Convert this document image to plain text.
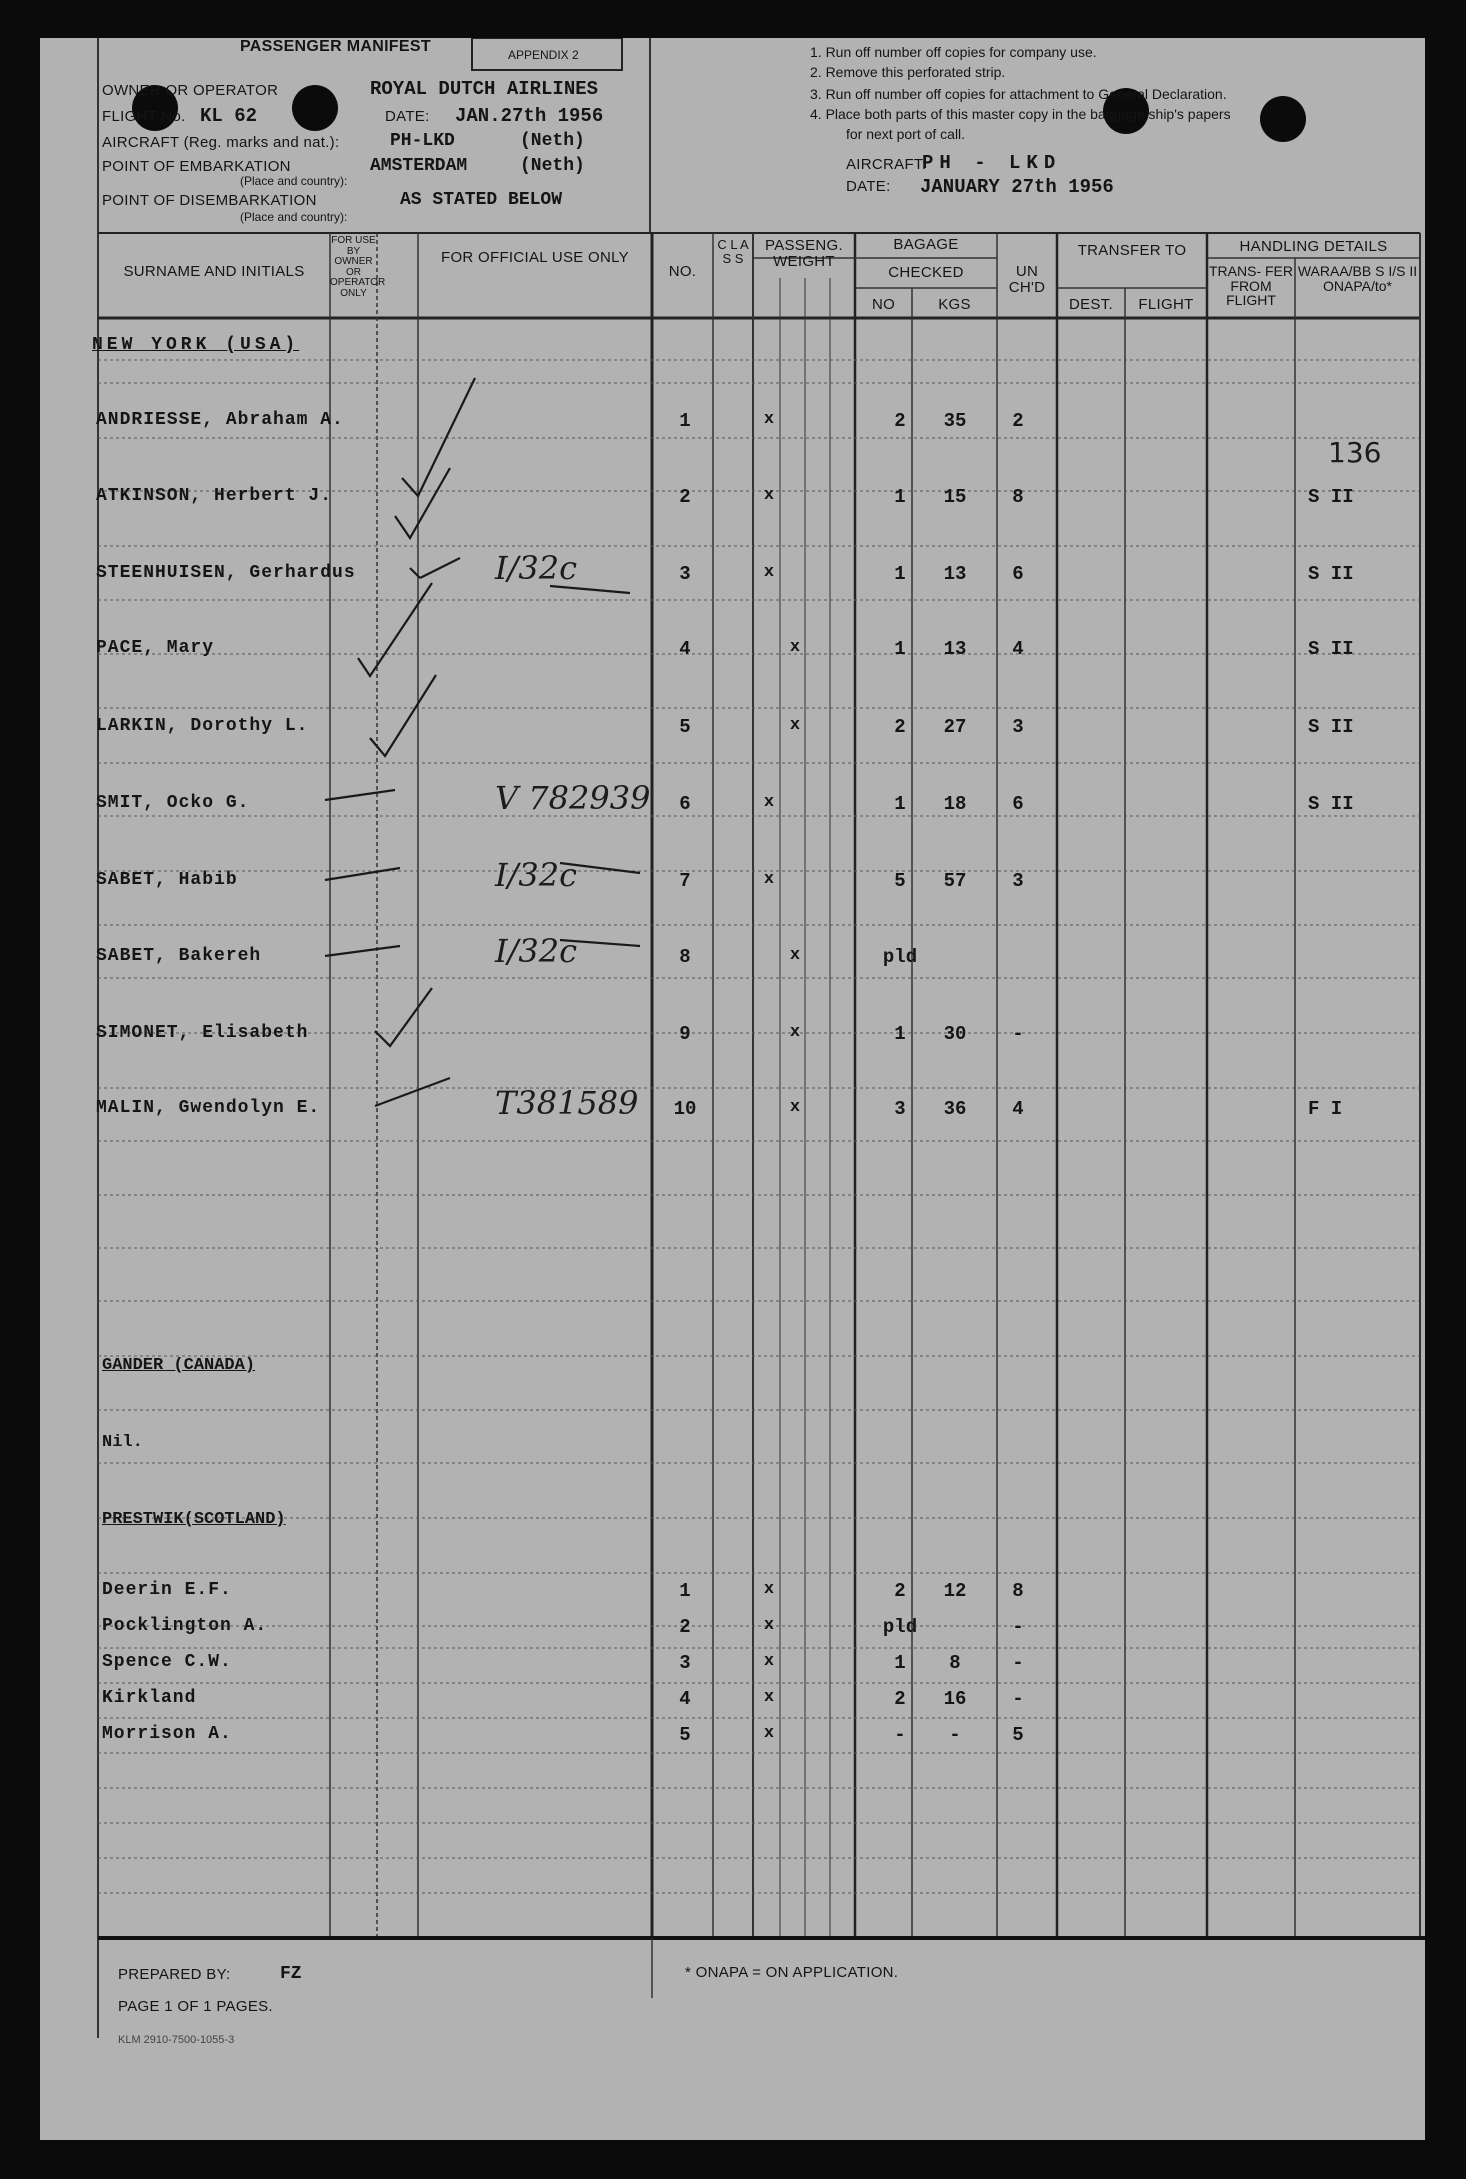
PASSENGER MANIFEST	APPENDIX 2
OWNER OR OPERATOR	ROYAL DUTCH AIRLINES
FLIGHT No. KL 62	DATE: JAN.27th 1956
AIRCRAFT (Reg. marks and nat.):	PH-LKD	(Neth)
POINT OF EMBARKATION	AMSTERDAM	(Neth)
(Place and country):
POINT OF DISEMBARKATION	AS STATED BELOW
(Place and country):
1. Run off number off copies for company use.
2. Remove this perforated strip.
3. Run off number off copies for attachment to General Declaration.
4. Place both parts of this master copy in the baggage ship's papers
for next port of call.
AIRCRAFT:
PH - LKD
DATE: JANUARY 27th 1956
SURNAME AND INITIALS
FOR USE BY OWNER OR OPERATOR ONLY
FOR OFFICIAL USE ONLY
NO.
C L A S S
PASSENG. WEIGHT
BAGAGE
CHECKED
NO	KGS
UN CH'D
TRANSFER TO
DEST.	FLIGHT
HANDLING DETAILS
TRANS- FER FROM FLIGHT
WARAA/BB S I/S II ONAPA/to*
NEW YORK (USA)
136
GANDER (CANADA)
Nil.
PRESTWIK(SCOTLAND)
PREPARED BY:	FZ
PAGE 1 OF 1 PAGES.
KLM 2910-7500-1055-3
* ONAPA = ON APPLICATION.
ANDRIESSE, Abraham A.	1	x	2	35	2
ATKINSON, Herbert J.	2	x	1	15	8	S II
STEENHUISEN, Gerhardus	I/32c	3	x	1	13	6	S II
PACE, Mary	4	x	1	13	4	S II
LARKIN, Dorothy L.	5	x	2	27	3	S II
SMIT, Ocko G.	V 782939	6	x	1	18	6	S II
SABET, Habib	I/32c	7	x	5	57	3
SABET, Bakereh	I/32c	8	x	pld
SIMONET, Elisabeth	9	x	1	30	-
MALIN, Gwendolyn E.	T381589	10	x	3	36	4	F I
Deerin E.F.	1	x	2	12	8
Pocklington A.	2	x	pld	-
Spence C.W.	3	x	1	8	-
Kirkland	4	x	2	16	-
Morrison A.	5	x	-	-	5
